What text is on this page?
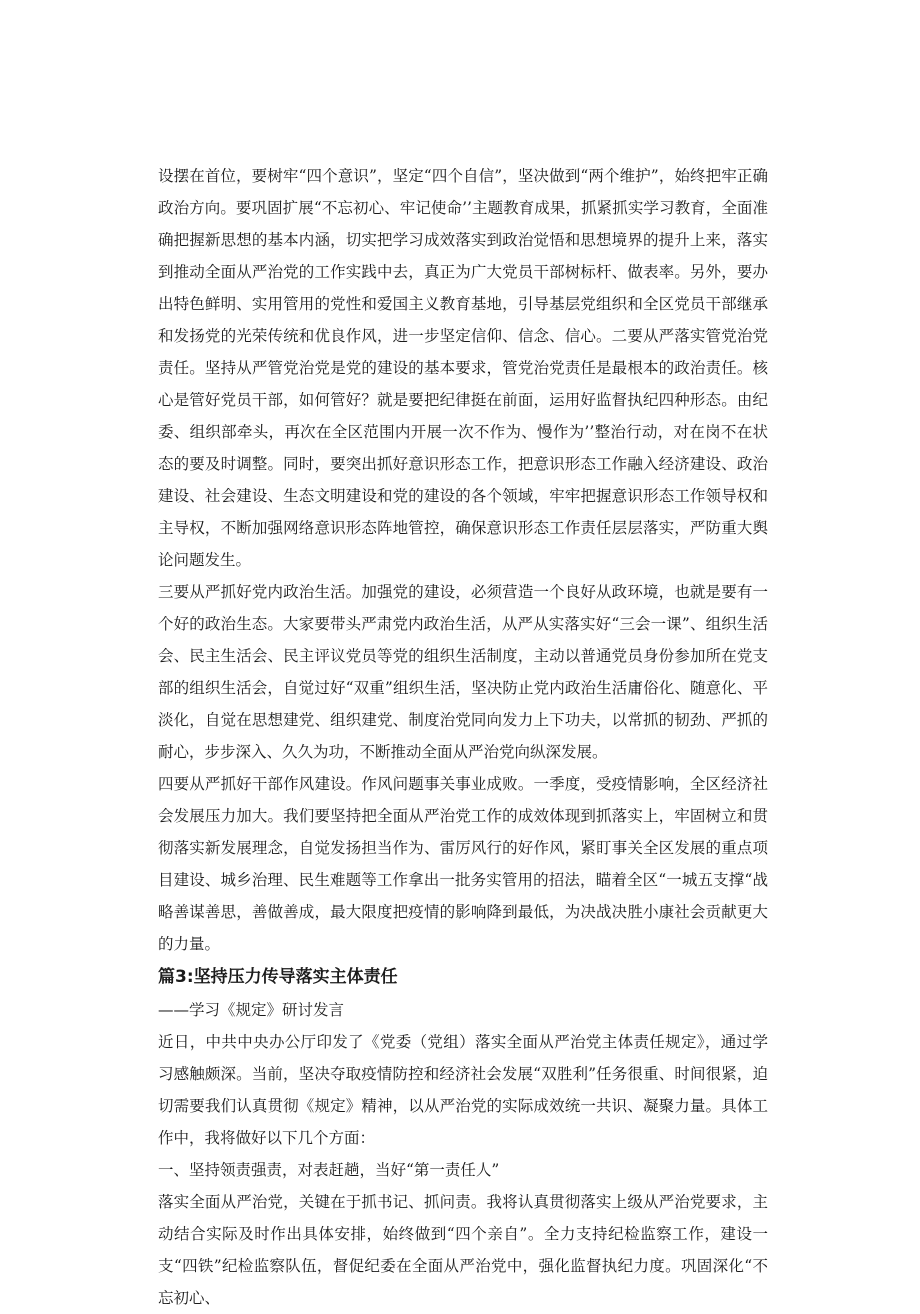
设摆在首位，要树牢“四个意识”，坚定“四个自信”，坚决做到“两个维护”，始终把牢正确政治方向。要巩固扩展“不忘初心、牢记使命’’主题教育成果，抓紧抓实学习教育，全面准确把握新思想的基本内涵，切实把学习成效落实到政治觉悟和思想境界的提升上来，落实到推动全面从严治党的工作实践中去，真正为广大党员干部树标杆、做表率。另外，要办出特色鲜明、实用管用的党性和爱国主义教育基地，引导基层党组织和全区党员干部继承和发扬党的光荣传统和优良作风，进一步坚定信仰、信念、信心。二要从严落实管党治党责任。坚持从严管党治党是党的建设的基本要求，管党治党责任是最根本的政治责任。核心是管好党员干部，如何管好？就是要把纪律挺在前面，运用好监督执纪四种形态。由纪委、组织部牵头，再次在全区范围内开展一次不作为、慢作为’’整治行动，对在岗不在状态的要及时调整。同时，要突出抓好意识形态工作，把意识形态工作融入经济建设、政治建设、社会建设、生态文明建设和党的建设的各个领域，牢牢把握意识形态工作领导权和主导权，不断加强网络意识形态阵地管控，确保意识形态工作责任层层落实，严防重大舆论问题发生。

三要从严抓好党内政治生活。加强党的建设，必须营造一个良好从政环境，也就是要有一个好的政治生态。大家要带头严肃党内政治生活，从严从实落实好“三会一课”、组织生活会、民主生活会、民主评议党员等党的组织生活制度，主动以普通党员身份参加所在党支部的组织生活会，自觉过好“双重”组织生活，坚决防止党内政治生活庸俗化、随意化、平淡化，自觉在思想建党、组织建党、制度治党同向发力上下功夫，以常抓的韧劲、严抓的耐心，步步深入、久久为功，不断推动全面从严治党向纵深发展。

四要从严抓好干部作风建设。作风问题事关事业成败。一季度，受疫情影响，全区经济社会发展压力加大。我们要坚持把全面从严治党工作的成效体现到抓落实上，牢固树立和贯彻落实新发展理念，自觉发扬担当作为、雷厉风行的好作风，紧盯事关全区发展的重点项目建设、城乡治理、民生难题等工作拿出一批务实管用的招法，瞄着全区“一城五支撑“战略善谋善思，善做善成，最大限度把疫情的影响降到最低，为决战决胜小康社会贡献更大的力量。

篇3:坚持压力传导落实主体责任

——学习《规定》研讨发言

近日，中共中央办公厅印发了《党委（党组）落实全面从严治党主体责任规定》，通过学习感触颇深。当前，坚决夺取疫情防控和经济社会发展“双胜利”任务很重、时间很紧，迫切需要我们认真贯彻《规定》精神，以从严治党的实际成效统一共识、凝聚力量。具体工作中，我将做好以下几个方面：

一、坚持领责强责，对表赶趟，当好“第一责任人”

落实全面从严治党，关键在于抓书记、抓问责。我将认真贯彻落实上级从严治党要求，主动结合实际及时作出具体安排，始终做到“四个亲自”。全力支持纪检监察工作，建设一支“四铁”纪检监察队伍，督促纪委在全面从严治党中，强化监督执纪力度。巩固深化“不忘初心、
